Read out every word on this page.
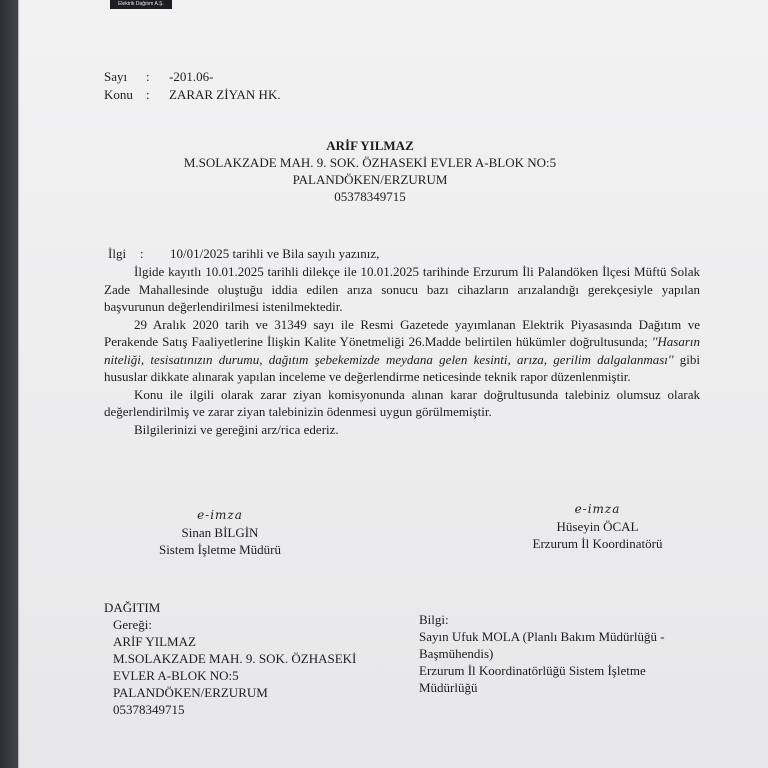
Elektrik Dağıtım A.Ş.
Sayı	:	-201.06-
Konu	:	ZARAR ZİYAN HK.
ARİF YILMAZ
M.SOLAKZADE MAH. 9. SOK. ÖZHASEKİ EVLER A-BLOK NO:5
PALANDÖKEN/ERZURUM
05378349715
İlgi : 10/01/2025 tarihli ve Bila sayılı yazınız,

İlgide kayıtlı 10.01.2025 tarihli dilekçe ile 10.01.2025 tarihinde Erzurum İli Palandöken İlçesi Müftü Solak Zade Mahallesinde oluştuğu iddia edilen arıza sonucu bazı cihazların arızalandığı gerekçesiyle yapılan başvurunun değerlendirilmesi istenilmektedir.

29 Aralık 2020 tarih ve 31349 sayı ile Resmi Gazetede yayımlanan Elektrik Piyasasında Dağıtım ve Perakende Satış Faaliyetlerine İlişkin Kalite Yönetmeliği 26.Madde belirtilen hükümler doğrultusunda; ''Hasarın niteliği, tesisatınızın durumu, dağıtım şebekemizde meydana gelen kesinti, arıza, gerilim dalgalanması'' gibi hususlar dikkate alınarak yapılan inceleme ve değerlendirme neticesinde teknik rapor düzenlenmiştir.

Konu ile ilgili olarak zarar ziyan komisyonunda alınan karar doğrultusunda talebiniz olumsuz olarak değerlendirilmiş ve zarar ziyan talebinizin ödenmesi uygun görülmemiştir.

Bilgilerinizi ve gereğini arz/rica ederiz.

e-imza
Sinan BİLGİN
Sistem İşletme Müdürü
e-imza
Hüseyin ÖCAL
Erzurum İl Koordinatörü
DAĞITIM
Gereği:
ARİF YILMAZ
M.SOLAKZADE MAH. 9. SOK. ÖZHASEKİ
EVLER A-BLOK NO:5
PALANDÖKEN/ERZURUM
05378349715
Bilgi:
Sayın Ufuk MOLA (Planlı Bakım Müdürlüğü -
Başmühendis)
Erzurum İl Koordinatörlüğü Sistem İşletme
Müdürlüğü
